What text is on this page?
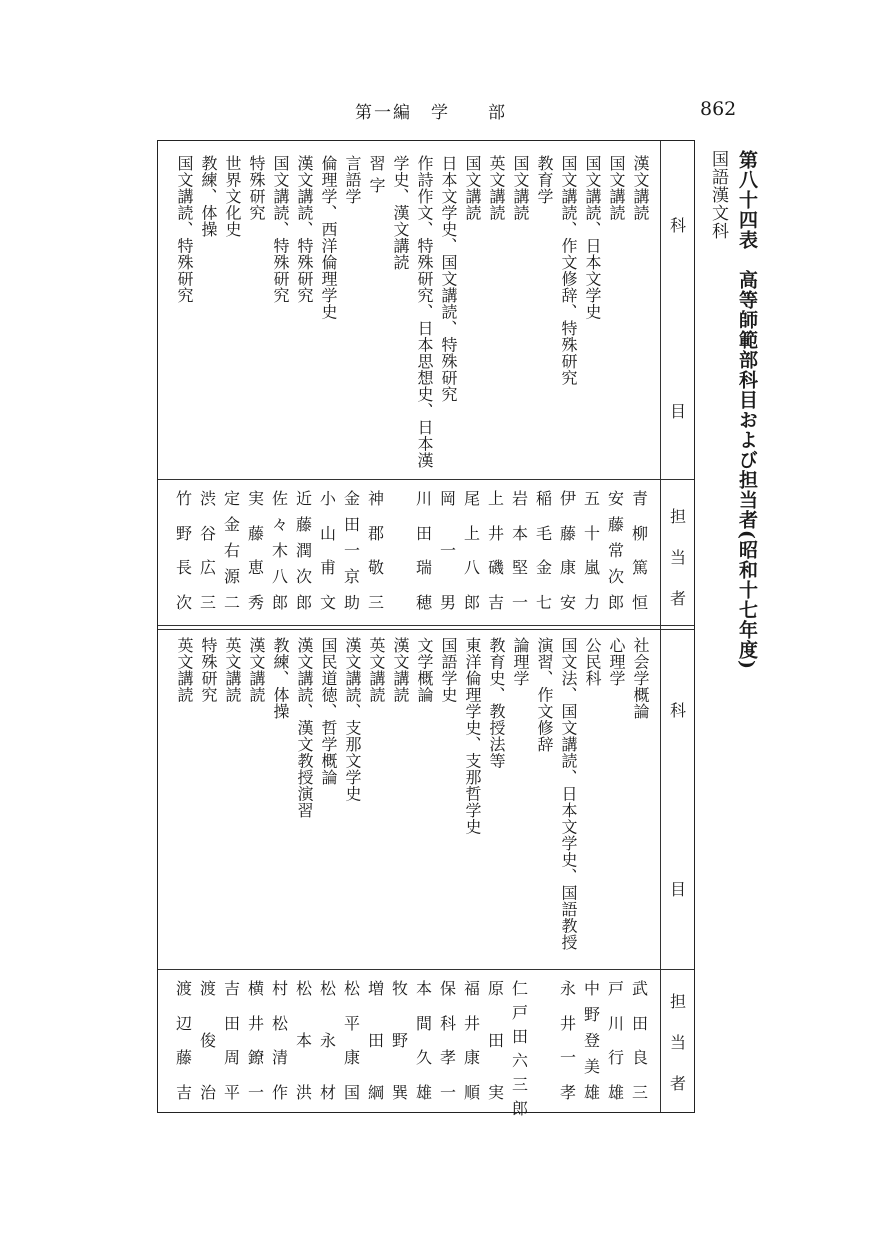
第一編　学　　部	862
第八十四表　高等師範部科目および担当者(昭和十七年度)
国語漢文科
科
目
担
当
者
科
目
担
当
者
漢文講読
青
柳
篤
恒
国文講読
安
藤
常
次
郎
国文講読、日本文学史
五
十
嵐
力
国文講読、作文修辞、特殊研究
伊
藤
康
安
教育学
稲
毛
金
七
国文講読
岩
本
堅
一
英文講読
上
井
磯
吉
国文講読
尾
上
八
郎
日本文学史、国文講読、特殊研究
岡
一
男
作詩作文、特殊研究、日本思想史、日本漢
学史、漢文講読
川
田
瑞
穂
習 字
神
郡
敬
三
言語学
金
田
一
京
助
倫理学、西洋倫理学史
小
山
甫
文
漢文講読、特殊研究
近
藤
潤
次
郎
国文講読、特殊研究
佐
々
木
八
郎
特殊研究
実
藤
恵
秀
世界文化史
定
金
右
源
二
教練、体操
渋
谷
広
三
国文講読、特殊研究
竹
野
長
次
社会学概論
武
田
良
三
心理学
戸
川
行
雄
公民科
中
野
登
美
雄
国文法、国文講読、日本文学史、国語教授
演習、作文修辞
永
井
一
孝
論理学
仁
戸
田
六
三
郎
教育史、教授法等
原
田
実
東洋倫理学史、支那哲学史
福
井
康
順
国語学史
保
科
孝
一
文学概論
本
間
久
雄
漢文講読
牧
野
巽
英文講読
増
田
綱
漢文講読、支那文学史
松
平
康
国
国民道徳、哲学概論
松
永
材
漢文講読、漢文教授演習
松
本
洪
教練、体操
村
松
清
作
漢文講読
横
井
鐐
一
英文講読
吉
田
周
平
特殊研究
渡
俊
治
英文講読
渡
辺
藤
吉
